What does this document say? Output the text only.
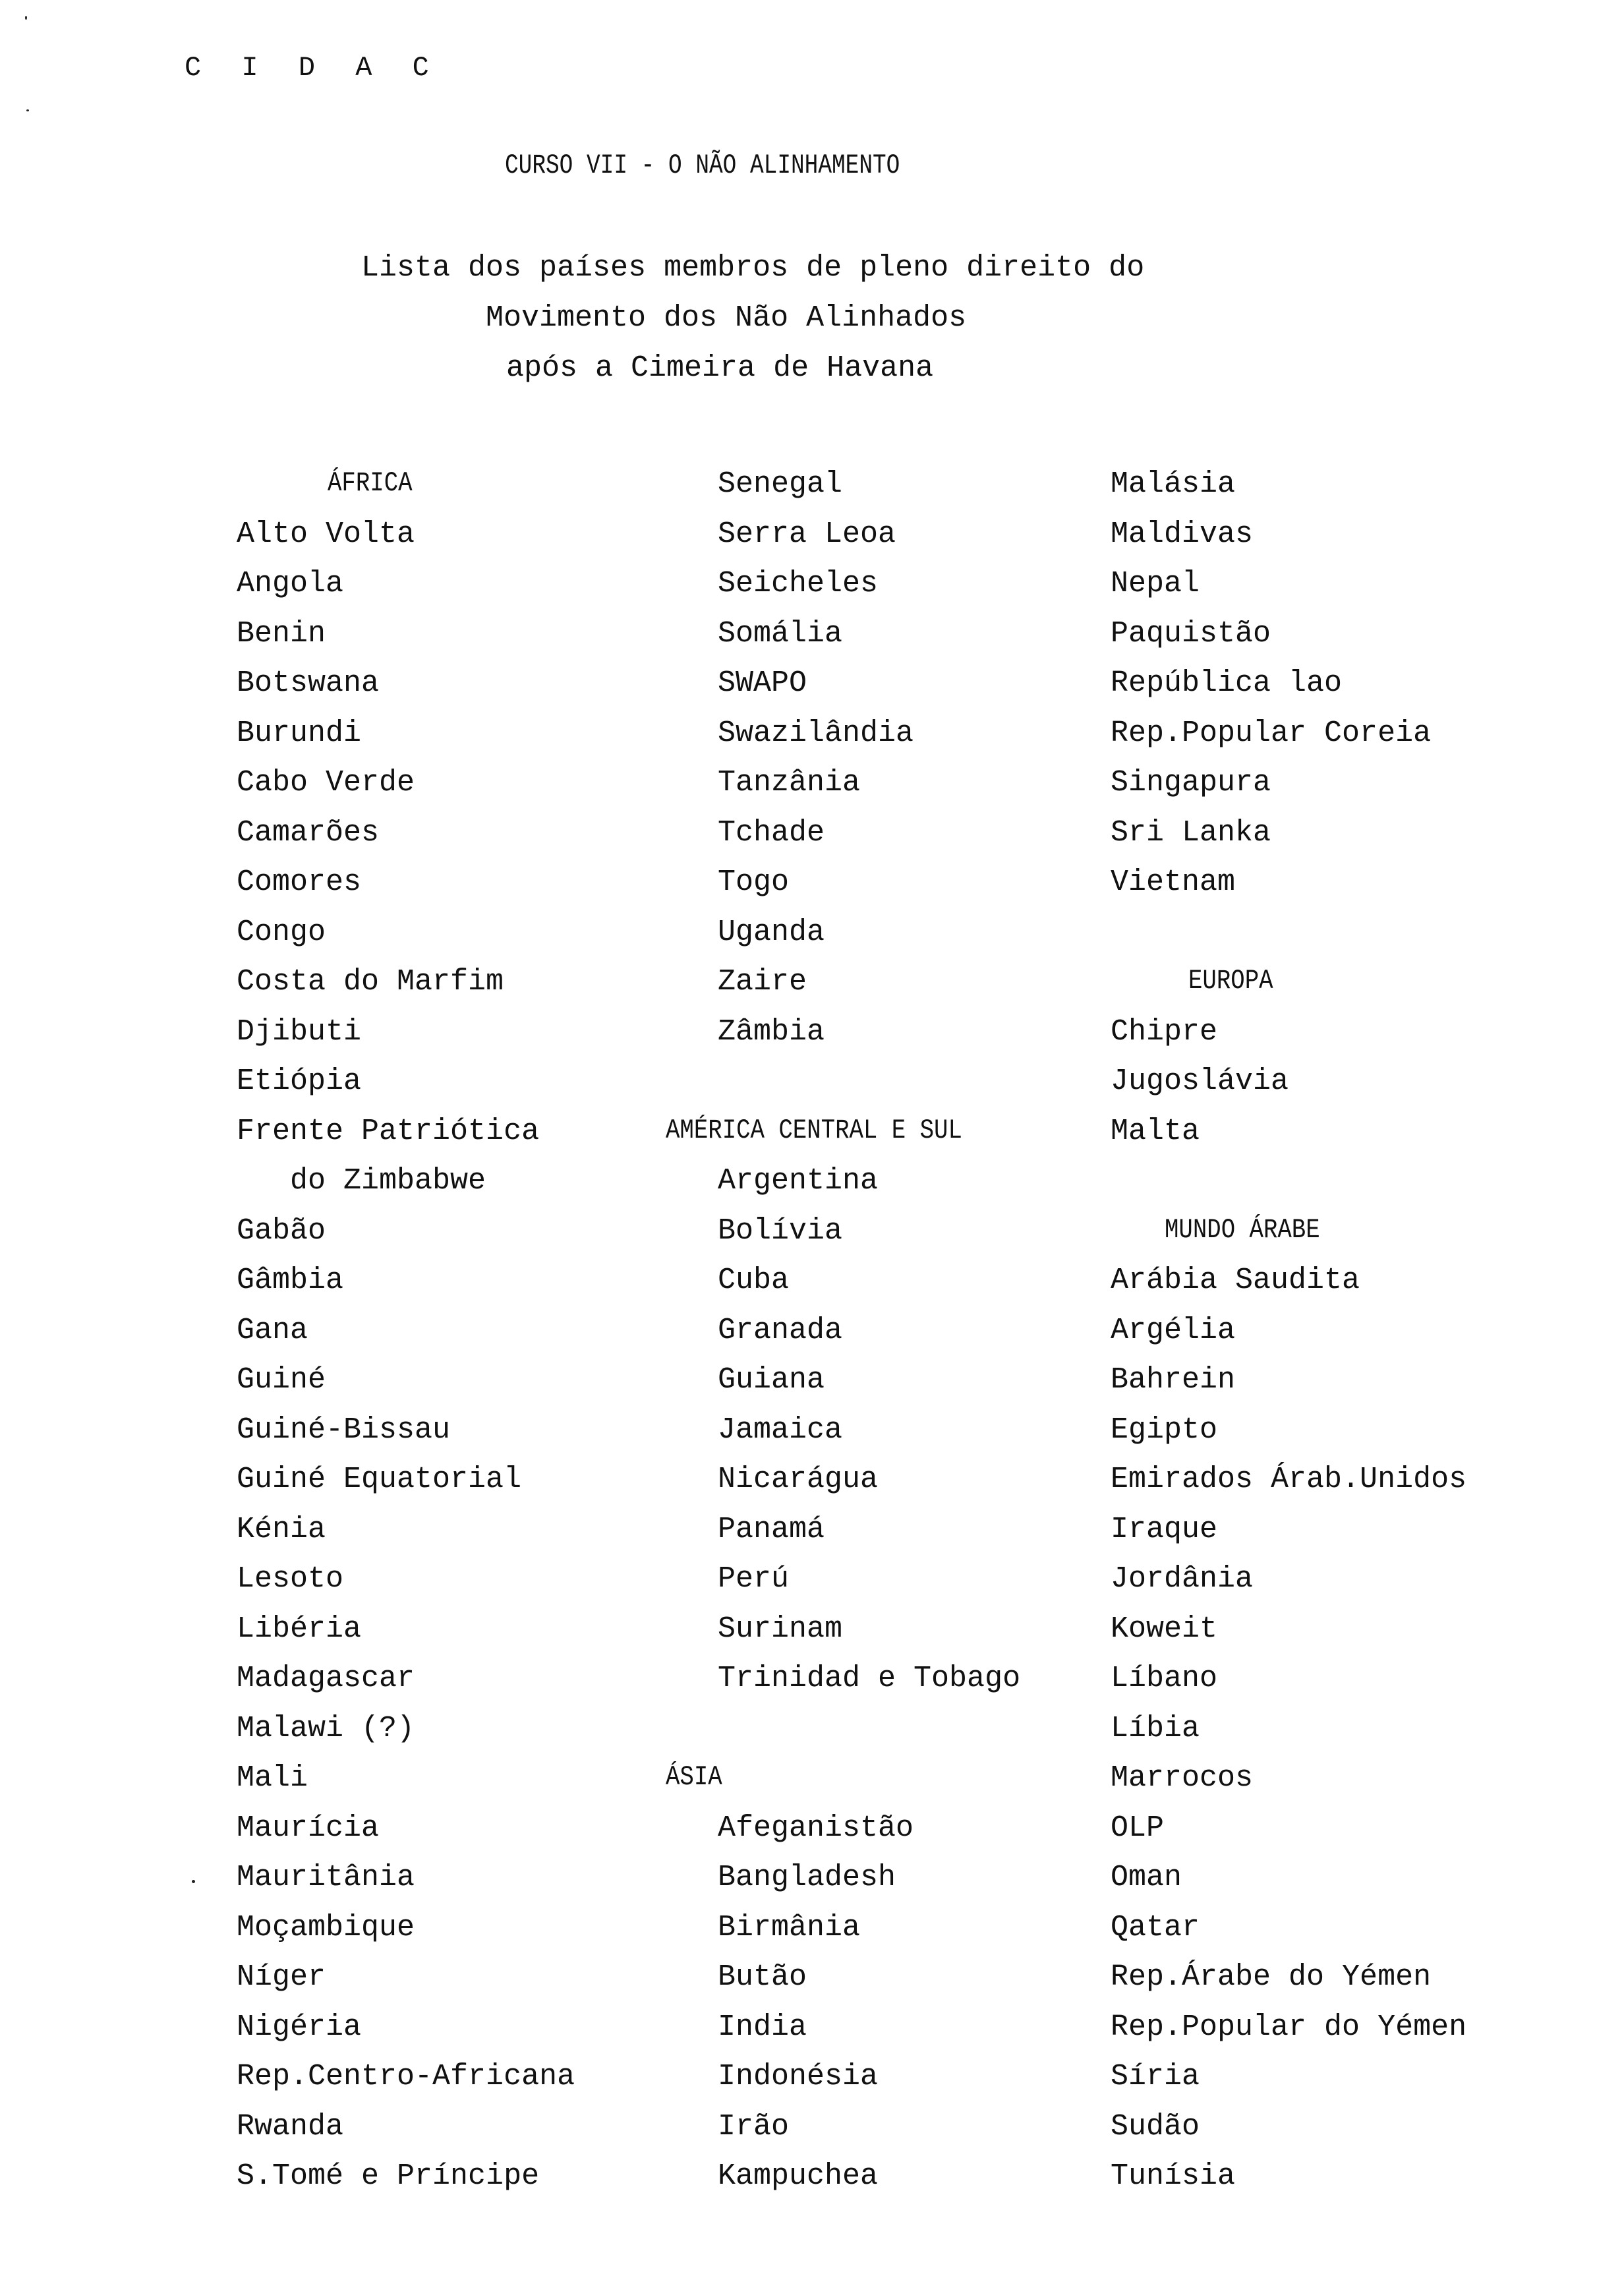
C I D A C
CURSO VII - O NÃO ALINHAMENTO
Lista dos países membros de pleno direito do
Movimento dos Não Alinhados
após a Cimeira de Havana
ÁFRICA
Alto Volta
Angola
Benin
Botswana
Burundi
Cabo Verde
Camarões
Comores
Congo
Costa do Marfim
Djibuti
Etiópia
Frente Patriótica
do Zimbabwe
Gabão
Gâmbia
Gana
Guiné
Guiné-Bissau
Guiné Equatorial
Kénia
Lesoto
Libéria
Madagascar
Malawi (?)
Mali
Maurícia
Mauritânia
Moçambique
Níger
Nigéria
Rep.Centro-Africana
Rwanda
S.Tomé e Príncipe
Senegal
Serra Leoa
Seicheles
Somália
SWAPO
Swazilândia
Tanzânia
Tchade
Togo
Uganda
Zaire
Zâmbia
AMÉRICA CENTRAL E SUL
Argentina
Bolívia
Cuba
Granada
Guiana
Jamaica
Nicarágua
Panamá
Perú
Surinam
Trinidad e Tobago
ÁSIA
Afeganistão
Bangladesh
Birmânia
Butão
India
Indonésia
Irão
Kampuchea
Malásia
Maldivas
Nepal
Paquistão
República lao
Rep.Popular Coreia
Singapura
Sri Lanka
Vietnam
EUROPA
Chipre
Jugoslávia
Malta
MUNDO ÁRABE
Arábia Saudita
Argélia
Bahrein
Egipto
Emirados Árab.Unidos
Iraque
Jordânia
Koweit
Líbano
Líbia
Marrocos
OLP
Oman
Qatar
Rep.Árabe do Yémen
Rep.Popular do Yémen
Síria
Sudão
Tunísia
